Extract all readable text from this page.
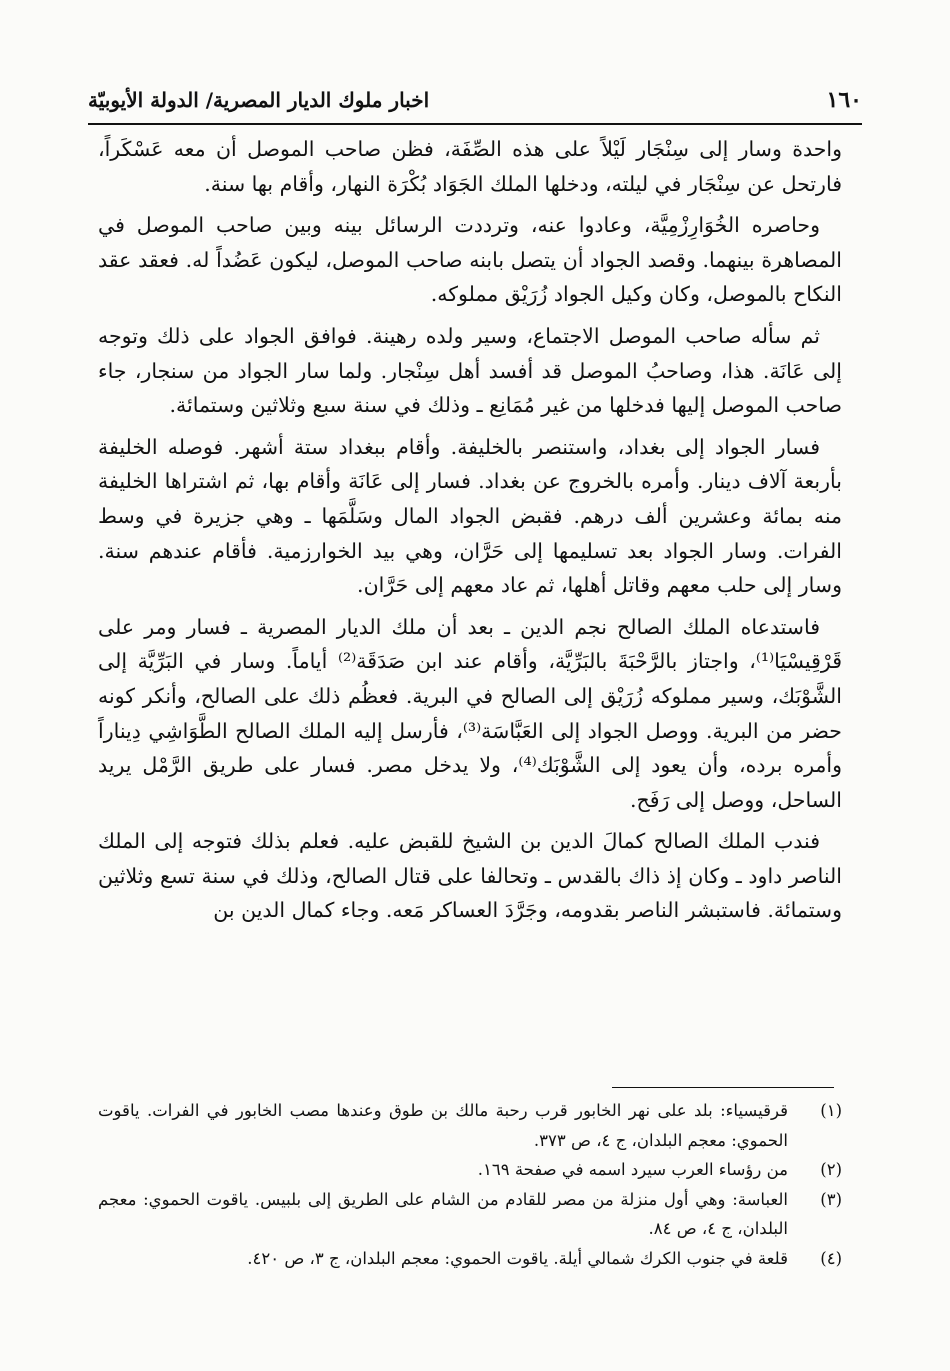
١٦٠
اخبار ملوك الديار المصرية/ الدولة الأيوبيّة

واحدة وسار إلى سِنْجَار لَيْلاً على هذه الصِّفَة، فظن صاحب الموصل أن معه عَسْكَراً، فارتحل عن سِنْجَار في ليلته، ودخلها الملك الجَوَاد بُكْرَة النهار، وأقام بها سنة.

وحاصره الخُوَارِزْمِيَّة، وعادوا عنه، وترددت الرسائل بينه وبين صاحب الموصل في المصاهرة بينهما. وقصد الجواد أن يتصل بابنه صاحب الموصل، ليكون عَضُداً له. فعقد عقد النكاح بالموصل، وكان وكيل الجواد زُرَيْق مملوكه.

ثم سأله صاحب الموصل الاجتماع، وسير ولده رهينة. فوافق الجواد على ذلك وتوجه إلى عَانَة. هذا، وصاحبُ الموصل قد أفسد أهل سِنْجار. ولما سار الجواد من سنجار، جاء صاحب الموصل إليها فدخلها من غير مُمَانِع ـ وذلك في سنة سبع وثلاثين وستمائة.

فسار الجواد إلى بغداد، واستنصر بالخليفة. وأقام ببغداد ستة أشهر. فوصله الخليفة بأربعة آلاف دينار. وأمره بالخروج عن بغداد. فسار إلى عَانَة وأقام بها، ثم اشتراها الخليفة منه بمائة وعشرين ألف درهم. فقبض الجواد المال وسَلَّمَها ـ وهي جزيرة في وسط الفرات. وسار الجواد بعد تسليمها إلى حَرَّان، وهي بيد الخوارزمية. فأقام عندهم سنة. وسار إلى حلب معهم وقاتل أهلها، ثم عاد معهم إلى حَرَّان.

فاستدعاه الملك الصالح نجم الدين ـ بعد أن ملك الديار المصرية ـ فسار ومر على قَرْقِيسْيَا⁽¹⁾، واجتاز بالرَّحْبَةَ بالبَرِّيَّة، وأقام عند ابن صَدَقَة⁽²⁾ أياماً. وسار في البَرِّيَّة إلى الشَّوْبَك، وسير مملوكه زُرَيْق إلى الصالح في البرية. فعظُم ذلك على الصالح، وأنكر كونه حضر من البرية. ووصل الجواد إلى العَبَّاسَة⁽³⁾، فأرسل إليه الملك الصالح الطَّوَاشِي دِيناراً وأمره برده، وأن يعود إلى الشَّوْبَك⁽⁴⁾، ولا يدخل مصر. فسار على طريق الرَّمْل يريد الساحل، ووصل إلى رَفَح.

فندب الملك الصالح كمالَ الدين بن الشيخ للقبض عليه. فعلم بذلك فتوجه إلى الملك الناصر داود ـ وكان إذ ذاك بالقدس ـ وتحالفا على قتال الصالح، وذلك في سنة تسع وثلاثين وستمائة. فاستبشر الناصر بقدومه، وجَرَّدَ العساكر مَعه. وجاء كمال الدين بن

(١)
قرقيسياء: بلد على نهر الخابور قرب رحبة مالك بن طوق وعندها مصب الخابور في الفرات. ياقوت الحموي: معجم البلدان، ج ٤، ص ٣٧٣.
(٢)
من رؤساء العرب سيرد اسمه في صفحة ١٦٩.
(٣)
العباسة: وهي أول منزلة من مصر للقادم من الشام على الطريق إلى بلبيس. ياقوت الحموي: معجم البلدان، ج ٤، ص ٨٤.
(٤)
قلعة في جنوب الكرك شمالي أيلة. ياقوت الحموي: معجم البلدان، ج ٣، ص ٤٢٠.
